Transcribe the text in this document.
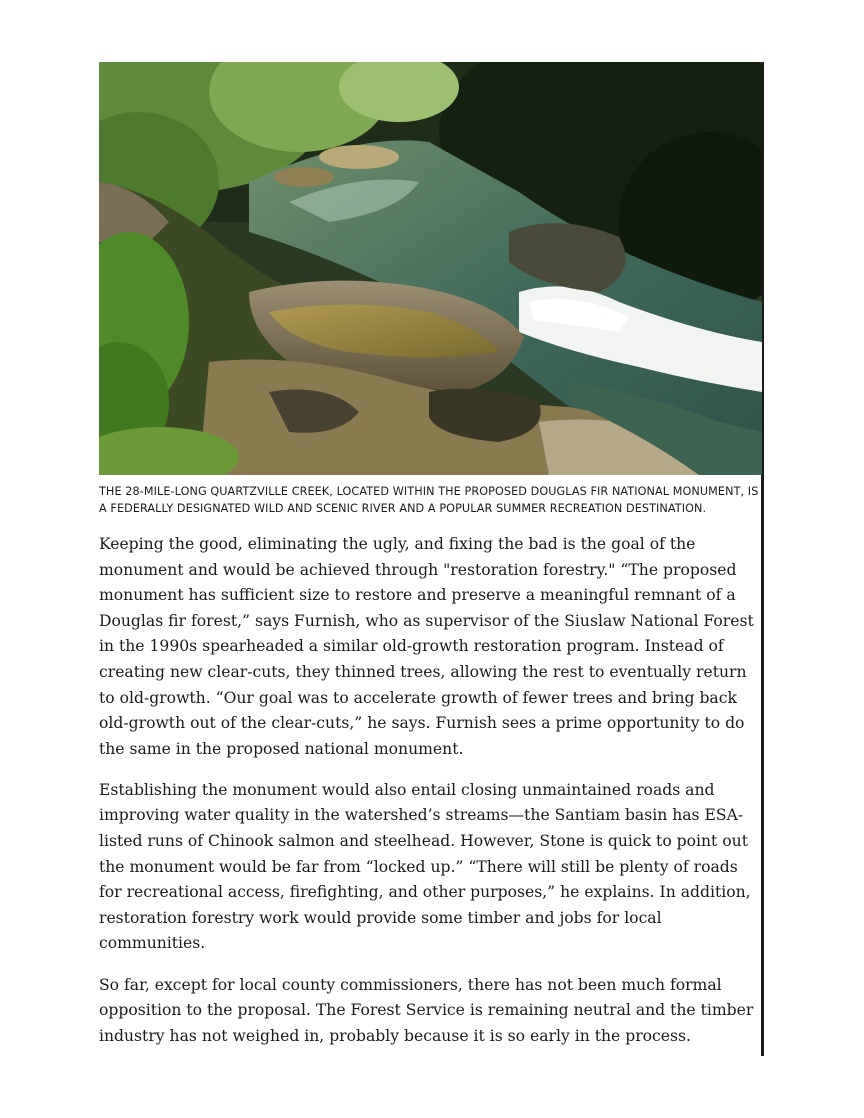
THE 28-MILE-LONG QUARTZVILLE CREEK, LOCATED WITHIN THE PROPOSED DOUGLAS FIR NATIONAL MONUMENT, IS A FEDERALLY DESIGNATED WILD AND SCENIC RIVER AND A POPULAR SUMMER RECREATION DESTINATION.

Keeping the good, eliminating the ugly, and fixing the bad is the goal of the monument and would be achieved through "restoration forestry." “The proposed monument has sufficient size to restore and preserve a meaningful remnant of a Douglas fir forest,” says Furnish, who as supervisor of the Siuslaw National Forest in the 1990s spearheaded a similar old-growth restoration program. Instead of creating new clear-cuts, they thinned trees, allowing the rest to eventually return to old-growth. “Our goal was to accelerate growth of fewer trees and bring back old-growth out of the clear-cuts,” he says. Furnish sees a prime opportunity to do the same in the proposed national monument.

Establishing the monument would also entail closing unmaintained roads and improving water quality in the watershed’s streams—the Santiam basin has ESA-listed runs of Chinook salmon and steelhead. However, Stone is quick to point out the monument would be far from “locked up.” “There will still be plenty of roads for recreational access, firefighting, and other purposes,” he explains. In addition, restoration forestry work would provide some timber and jobs for local communities.

So far, except for local county commissioners, there has not been much formal opposition to the proposal. The Forest Service is remaining neutral and the timber industry has not weighed in, probably because it is so early in the process.
